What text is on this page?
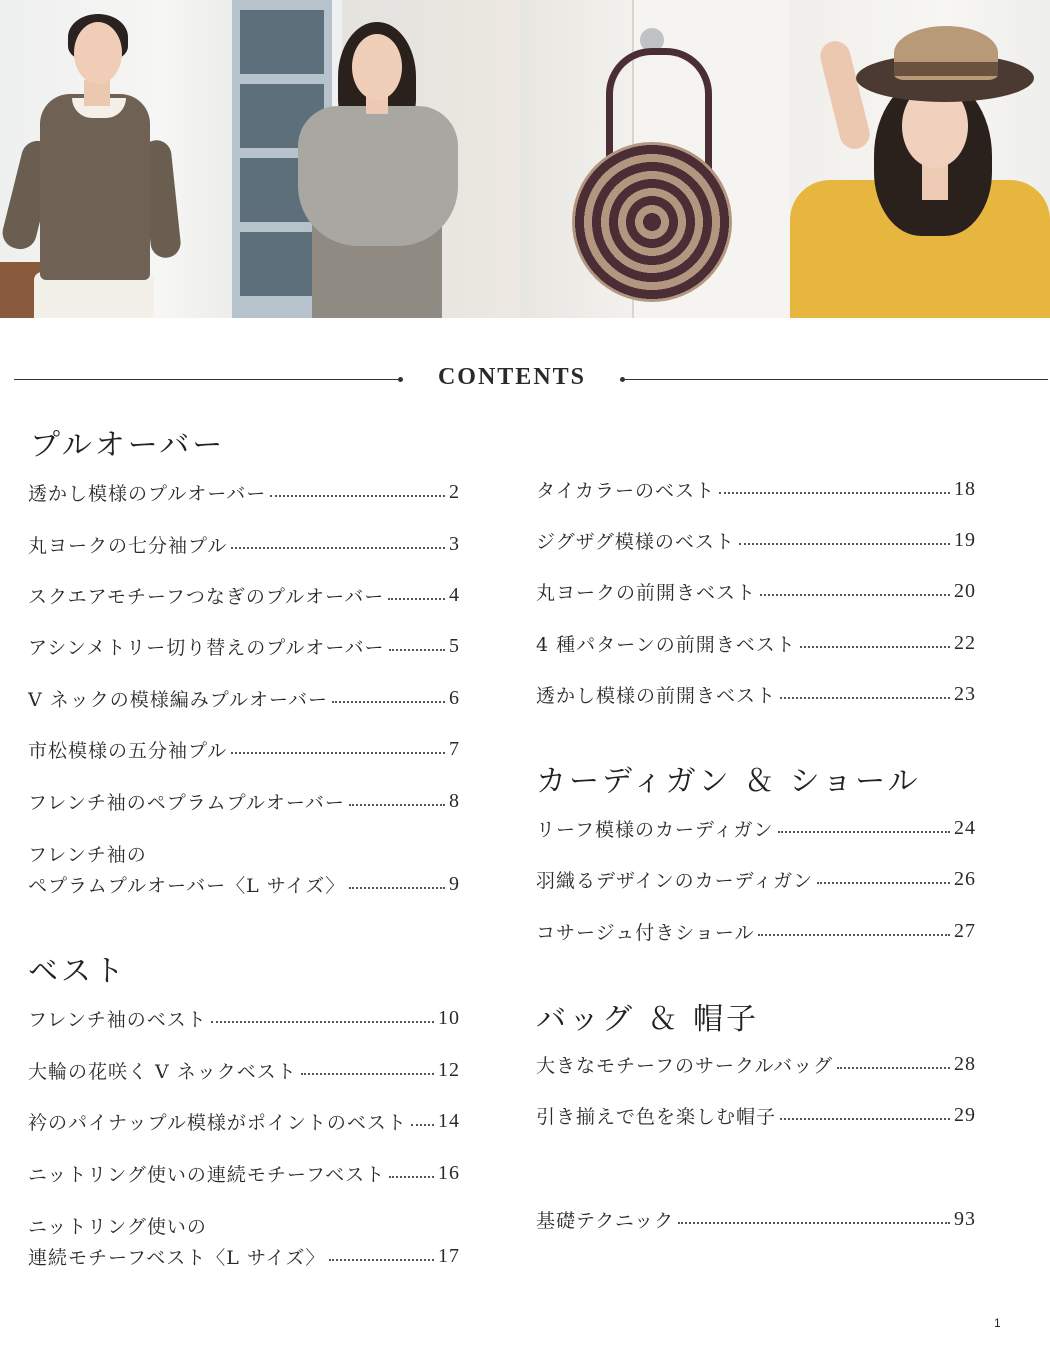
CONTENTS
プルオーバー
透かし模様のプルオーバー	2
丸ヨークの七分袖プル	3
スクエアモチーフつなぎのプルオーバー	4
アシンメトリー切り替えのプルオーバー	5
V ネックの模様編みプルオーバー	6
市松模様の五分袖プル	7
フレンチ袖のペプラムプルオーバー	8
フレンチ袖の
ペプラムプルオーバー〈L サイズ〉	9
ベスト
フレンチ袖のベスト	10
大輪の花咲く V ネックベスト	12
衿のパイナップル模様がポイントのベスト 14
ニットリング使いの連続モチーフベスト	16
ニットリング使いの
連続モチーフベスト〈L サイズ〉	17
タイカラーのベスト	18
ジグザグ模様のベスト	19
丸ヨークの前開きベスト	20
4 種パターンの前開きベスト	22
透かし模様の前開きベスト	23
カーディガン ＆ ショール
リーフ模様のカーディガン	24
羽織るデザインのカーディガン	26
コサージュ付きショール	27
バッグ ＆ 帽子
大きなモチーフのサークルバッグ	28
引き揃えで色を楽しむ帽子	29
基礎テクニック	93
1
